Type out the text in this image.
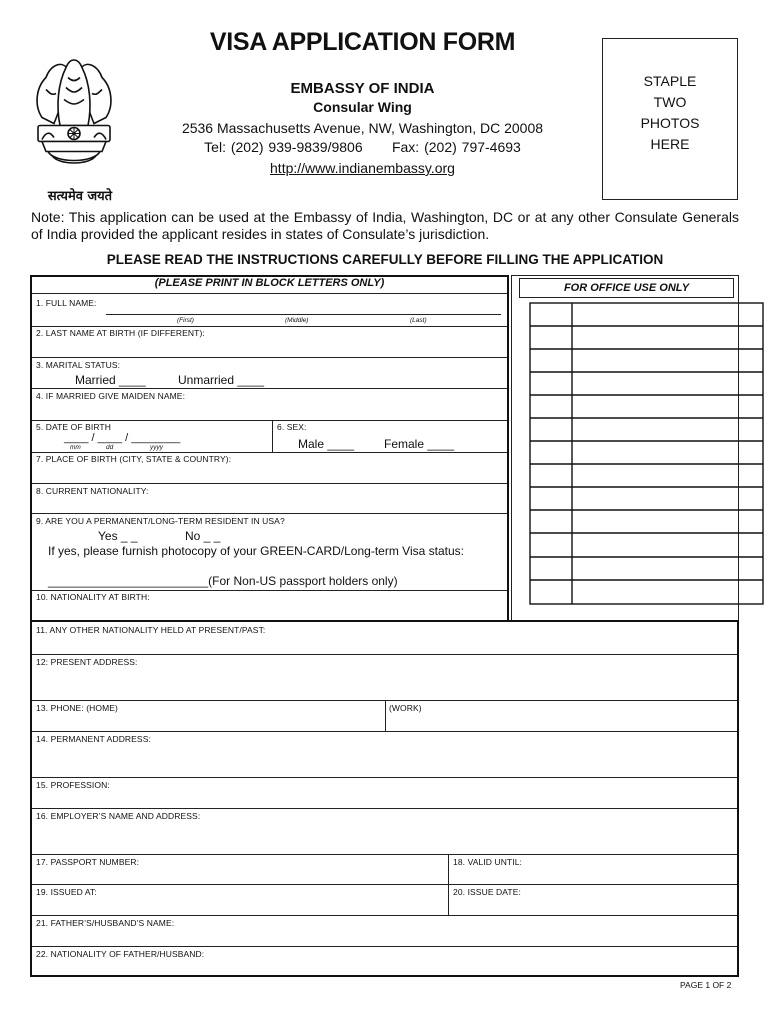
सत्यमेव जयते
VISA APPLICATION FORM
EMBASSY OF INDIA
Consular Wing
2536 Massachusetts Avenue, NW, Washington, DC 20008
Tel: (202) 939-9839/9806 Fax: (202) 797-4693
http://www.indianembassy.org
STAPLE
TWO
PHOTOS
HERE
Note: This application can be used at the Embassy of India, Washington, DC or at any other Consulate Generals of India provided the applicant resides in states of Consulate’s jurisdiction.
PLEASE READ THE INSTRUCTIONS CAREFULLY BEFORE FILLING THE APPLICATION
(PLEASE PRINT IN BLOCK LETTERS ONLY)
1. FULL NAME:
(First)	(Middle)	(Last)
2. LAST NAME AT BIRTH (IF DIFFERENT):
3. MARITAL STATUS:
Married ____	Unmarried ____
4. IF MARRIED GIVE MAIDEN NAME:
5. DATE OF BIRTH
____ / ____ / ________
mm	dd	yyyy
6. SEX:
Male ____ Female ____
7. PLACE OF BIRTH (CITY, STATE & COUNTRY):
8. CURRENT NATIONALITY:
9. ARE YOU A PERMANENT/LONG-TERM RESIDENT IN USA?
Yes _ _	No _ _
If yes, please furnish photocopy of your GREEN-CARD/Long-term Visa status:
________________________(For Non-US passport holders only)
10. NATIONALITY AT BIRTH:
FOR OFFICE USE ONLY
11. ANY OTHER NATIONALITY HELD AT PRESENT/PAST:
12: PRESENT ADDRESS:
13. PHONE: (HOME)	(WORK)
14. PERMANENT ADDRESS:
15. PROFESSION:
16. EMPLOYER’S NAME AND ADDRESS:
17. PASSPORT NUMBER:	18. VALID UNTIL:
19. ISSUED AT:	20. ISSUE DATE:
21. FATHER’S/HUSBAND’S NAME:
22. NATIONALITY OF FATHER/HUSBAND:
PAGE 1 OF 2
